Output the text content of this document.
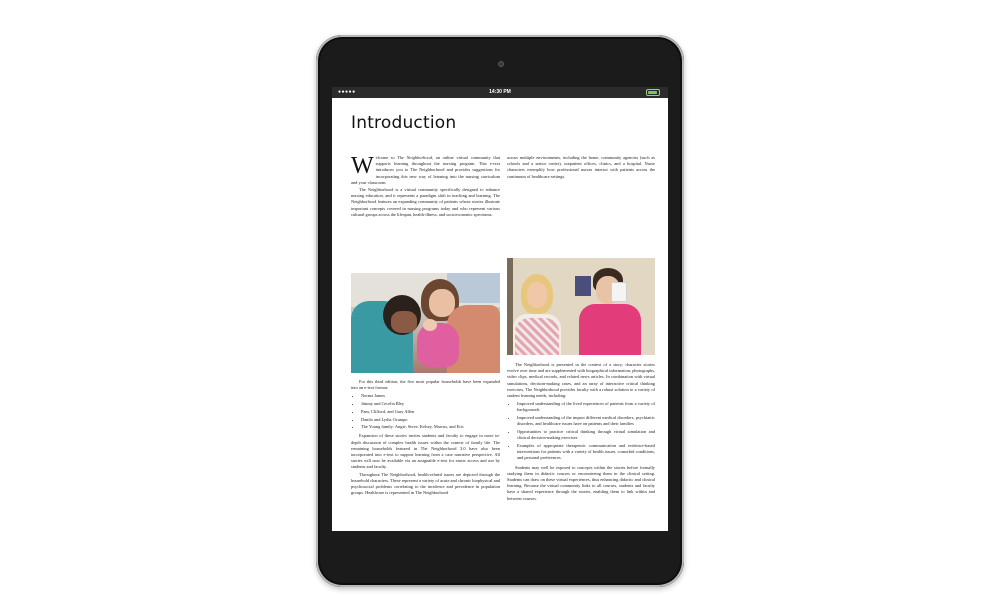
●●●●●	14:30 PM
Introduction

Welcome to The Neighborhood, an online virtual community that supports learning throughout the nursing program. This e-text introduces you to The Neighborhood and provides suggestions for incorporating this new way of learning into the nursing curriculum and your classroom.

The Neighborhood is a virtual community specifically designed to enhance nursing education, and it represents a paradigm shift in teaching and learning. The Neighborhood features an expanding community of patients whose stories illustrate important concepts covered in nursing programs today and who represent various cultural groups across the lifespan, health-illness, and socioeconomic spectrums.

For this third edition, the five most popular households have been expanded into an e-text format:

• Norma James
• Jimmy and Cecelia Bley
• Pam, Clifford, and Gary Allen
• Danilo and Lydia Ocampo
• The Young family: Angie, Steve, Kelsey, Marcus, and Eric

Expansion of these stories invites students and faculty to engage in more in-depth discussion of complex health issues within the context of family life. The remaining households featured in The Neighborhood 3.0 have also been incorporated into e-text to support learning from a case narrative perspective. All stories will now be available via an assignable e-text for easier access and use by students and faculty.

Throughout The Neighborhood, health-related issues are depicted through the household characters. These represent a variety of acute and chronic biophysical and psychosocial problems correlating to the incidence and prevalence in population groups. Healthcare is represented in The Neighborhood

across multiple environments, including the home, community agencies (such as schools and a senior center), outpatient offices, clinics, and a hospital. Nurse characters exemplify how professional nurses interact with patients across the continuum of healthcare settings.

The Neighborhood is presented in the context of a story; character stories evolve over time and are supplemented with biographical information, photographs, video clips, medical records, and related news articles. In combination with virtual simulations, decision-making cases, and an array of interactive critical thinking exercises, The Neighborhood provides faculty with a robust solution to a variety of student learning needs, including:

• Improved understanding of the lived experiences of patients from a variety of backgrounds
• Improved understanding of the impact different medical disorders, psychiatric disorders, and healthcare issues have on patients and their families
• Opportunities to practice critical thinking through virtual simulation and clinical decision-making exercises
• Examples of appropriate therapeutic communication and evidence-based interventions for patients with a variety of health issues, comorbid conditions, and personal preferences.

Students may well be exposed to concepts within the stories before formally studying them in didactic courses or encountering them in the clinical setting. Students can draw on these virtual experiences, thus enhancing didactic and clinical learning. Because the virtual community links to all courses, students and faculty have a shared experience through the stories, enabling them to link within and between courses.
